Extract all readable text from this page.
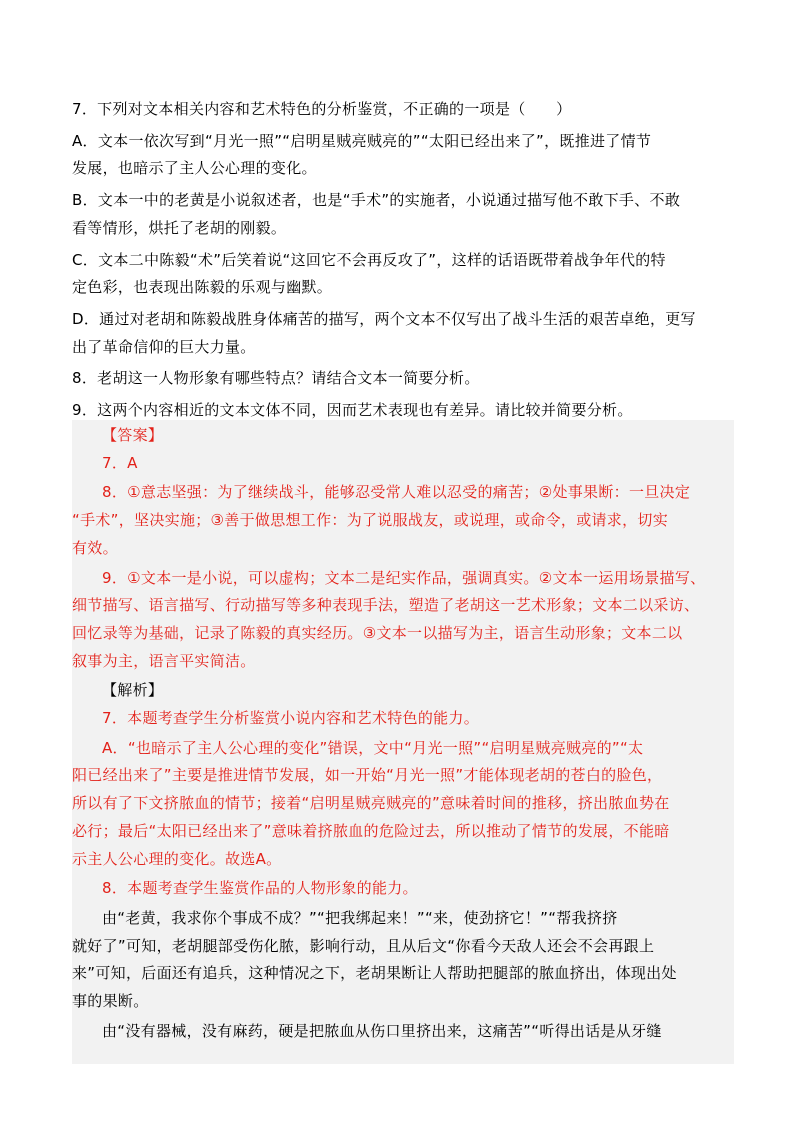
7．下列对文本相关内容和艺术特色的分析鉴赏，不正确的一项是（　　）
A．文本一依次写到“月光一照”“启明星贼亮贼亮的”“太阳已经出来了”，既推进了情节
发展，也暗示了主人公心理的变化。
B．文本一中的老黄是小说叙述者，也是“手术”的实施者，小说通过描写他不敢下手、不敢
看等情形，烘托了老胡的刚毅。
C．文本二中陈毅“术”后笑着说“这回它不会再反攻了”，这样的话语既带着战争年代的特
定色彩，也表现出陈毅的乐观与幽默。
D．通过对老胡和陈毅战胜身体痛苦的描写，两个文本不仅写出了战斗生活的艰苦卓绝，更写
出了革命信仰的巨大力量。
8．老胡这一人物形象有哪些特点？请结合文本一简要分析。
9．这两个内容相近的文本文体不同，因而艺术表现也有差异。请比较并简要分析。
【答案】
7．A
8．①意志坚强：为了继续战斗，能够忍受常人难以忍受的痛苦；②处事果断：一旦决定
“手术”，坚决实施；③善于做思想工作：为了说服战友，或说理，或命令，或请求，切实
有效。
9．①文本一是小说，可以虚构；文本二是纪实作品，强调真实。②文本一运用场景描写、
细节描写、语言描写、行动描写等多种表现手法，塑造了老胡这一艺术形象；文本二以采访、
回忆录等为基础，记录了陈毅的真实经历。③文本一以描写为主，语言生动形象；文本二以
叙事为主，语言平实简洁。
【解析】
7．本题考查学生分析鉴赏小说内容和艺术特色的能力。
A．“也暗示了主人公心理的变化”错误，文中“月光一照”“启明星贼亮贼亮的”“太
阳已经出来了”主要是推进情节发展，如一开始“月光一照”才能体现老胡的苍白的脸色，
所以有了下文挤脓血的情节；接着“启明星贼亮贼亮的”意味着时间的推移，挤出脓血势在
必行；最后“太阳已经出来了”意味着挤脓血的危险过去，所以推动了情节的发展，不能暗
示主人公心理的变化。故选A。
8．本题考查学生鉴赏作品的人物形象的能力。
由“老黄，我求你个事成不成？”“把我绑起来！”“来，使劲挤它！”“帮我挤挤
就好了”可知，老胡腿部受伤化脓，影响行动，且从后文“你看今天敌人还会不会再跟上
来”可知，后面还有追兵，这种情况之下，老胡果断让人帮助把腿部的脓血挤出，体现出处
事的果断。
由“没有器械，没有麻药，硬是把脓血从伤口里挤出来，这痛苦”“听得出话是从牙缝
